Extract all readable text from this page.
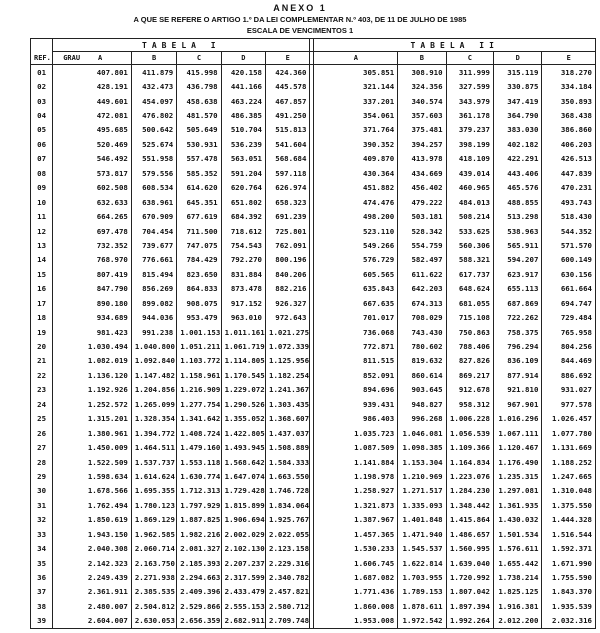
ANEXO 1
A QUE SE REFERE O ARTIGO 1.º DA LEI COMPLEMENTAR N.º 403, DE 11 DE JULHO DE 1985
ESCALA DE VENCIMENTOS 1
	TABELA I						TABELA II				
REF.	GRAU A	B	C	D	E		A	B	C	D	E
01	407.801	411.879	415.998	420.158	424.360		305.851	308.910	311.999	315.119	318.270
02	428.191	432.473	436.798	441.166	445.578		321.144	324.356	327.599	330.875	334.184
03	449.601	454.097	458.638	463.224	467.857		337.201	340.574	343.979	347.419	350.893
04	472.081	476.802	481.570	486.385	491.250		354.061	357.603	361.178	364.790	368.438
05	495.685	500.642	505.649	510.704	515.813		371.764	375.481	379.237	383.030	386.860
06	520.469	525.674	530.931	536.239	541.604		390.352	394.257	398.199	402.182	406.203
07	546.492	551.958	557.478	563.051	568.684		409.870	413.978	418.109	422.291	426.513
08	573.817	579.556	585.352	591.204	597.118		430.364	434.669	439.014	443.406	447.839
09	602.508	608.534	614.620	620.764	626.974		451.882	456.402	460.965	465.576	470.231
10	632.633	638.961	645.351	651.802	658.323		474.476	479.222	484.013	488.855	493.743
11	664.265	670.909	677.619	684.392	691.239		498.200	503.181	508.214	513.298	518.430
12	697.478	704.454	711.500	718.612	725.801		523.110	528.342	533.625	538.963	544.352
13	732.352	739.677	747.075	754.543	762.091		549.266	554.759	560.306	565.911	571.570
14	768.970	776.661	784.429	792.270	800.196		576.729	582.497	588.321	594.207	600.149
15	807.419	815.494	823.650	831.884	840.206		605.565	611.622	617.737	623.917	630.156
16	847.790	856.269	864.833	873.478	882.216		635.843	642.203	648.624	655.113	661.664
17	890.180	899.082	908.075	917.152	926.327		667.635	674.313	681.055	687.869	694.747
18	934.689	944.036	953.479	963.010	972.643		701.017	708.029	715.108	722.262	729.484
19	981.423	991.238	1.001.153	1.011.161	1.021.275		736.068	743.430	750.863	758.375	765.958
20	1.030.494	1.040.800	1.051.211	1.061.719	1.072.339		772.871	780.602	788.406	796.294	804.256
21	1.082.019	1.092.840	1.103.772	1.114.805	1.125.956		811.515	819.632	827.826	836.109	844.469
22	1.136.120	1.147.482	1.158.961	1.170.545	1.182.254		852.091	860.614	869.217	877.914	886.692
23	1.192.926	1.204.856	1.216.909	1.229.072	1.241.367		894.696	903.645	912.678	921.810	931.027
24	1.252.572	1.265.099	1.277.754	1.290.526	1.303.435		939.431	948.827	958.312	967.901	977.578
25	1.315.201	1.328.354	1.341.642	1.355.052	1.368.607		986.403	996.268	1.006.228	1.016.296	1.026.457
26	1.380.961	1.394.772	1.408.724	1.422.805	1.437.037		1.035.723	1.046.081	1.056.539	1.067.111	1.077.780
27	1.450.009	1.464.511	1.479.160	1.493.945	1.508.889		1.087.509	1.098.385	1.109.366	1.120.467	1.131.669
28	1.522.509	1.537.737	1.553.118	1.568.642	1.584.333		1.141.884	1.153.304	1.164.834	1.176.490	1.188.252
29	1.598.634	1.614.624	1.630.774	1.647.074	1.663.550		1.198.978	1.210.969	1.223.076	1.235.315	1.247.665
30	1.678.566	1.695.355	1.712.313	1.729.428	1.746.728		1.258.927	1.271.517	1.284.230	1.297.081	1.310.048
31	1.762.494	1.780.123	1.797.929	1.815.899	1.834.064		1.321.873	1.335.093	1.348.442	1.361.935	1.375.550
32	1.850.619	1.869.129	1.887.825	1.906.694	1.925.767		1.387.967	1.401.848	1.415.864	1.430.032	1.444.328
33	1.943.150	1.962.585	1.982.216	2.002.029	2.022.055		1.457.365	1.471.940	1.486.657	1.501.534	1.516.544
34	2.040.308	2.060.714	2.081.327	2.102.130	2.123.158		1.530.233	1.545.537	1.560.995	1.576.611	1.592.371
35	2.142.323	2.163.750	2.185.393	2.207.237	2.229.316		1.606.745	1.622.814	1.639.040	1.655.442	1.671.990
36	2.249.439	2.271.938	2.294.663	2.317.599	2.340.782		1.687.082	1.703.955	1.720.992	1.738.214	1.755.590
37	2.361.911	2.385.535	2.409.396	2.433.479	2.457.821		1.771.436	1.789.153	1.807.042	1.825.125	1.843.370
38	2.480.007	2.504.812	2.529.866	2.555.153	2.580.712		1.860.008	1.878.611	1.897.394	1.916.381	1.935.539
39	2.604.007	2.630.053	2.656.359	2.682.911	2.709.748		1.953.008	1.972.542	1.992.264	2.012.200	2.032.316
